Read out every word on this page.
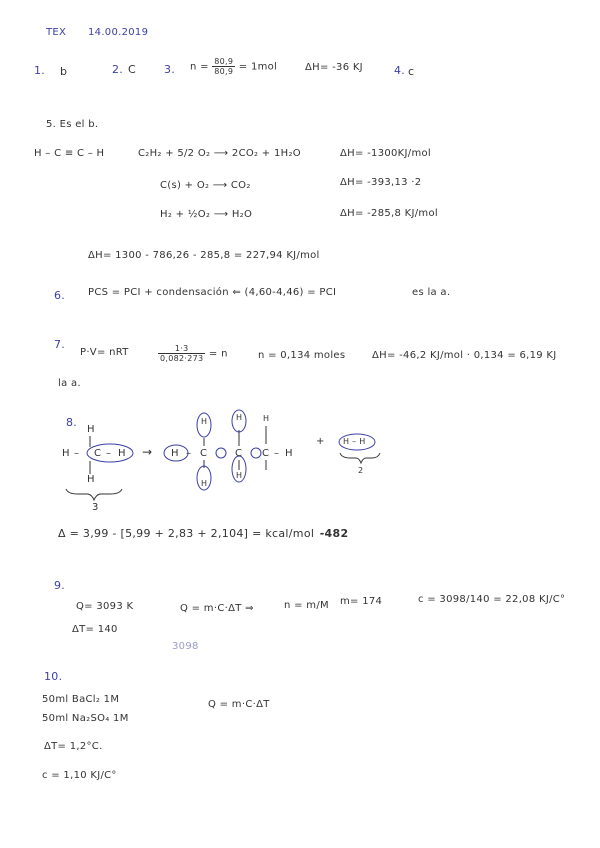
TEX 14.00.2019
1. b	2. C	3. $n = \frac{80,9}{80,9} = 1mol$	ΔH= -36 KJ	4. c
5. Es el b.
H – C ≡ C – H	C₂H₂ + 5/2 O₂ ⟶ 2CO₂ + 1H₂O	ΔH= -1300KJ/mol
C(s) + O₂ ⟶ CO₂	ΔH= -393,13 ·2
H₂ + ½O₂ ⟶ H₂O	ΔH= -285,8 KJ/mol
ΔH= 1300 - 786,26 - 285,8 = 227,94 KJ/mol
6. PCS = PCI + condensación ⇐ (4,60-4,46) = PCI	es la a.
7.
P·V= nRT	$\frac{1\cdot 3}{0,082\cdot 273} = n$	n = 0,134 moles	ΔH= -46,2 KJ/mol · 0,134 = 6,19 KJ
la a.
8.
H
H – C – H
H
3
→ H – C	C C – H
H	H	H
H
H
+ H – H
2
Δ = 3,99 - [5,99 + 2,83 + 2,104] = kcal/mol -482
9.
Q= 3093 K	Q = m·C·ΔT ⇒	n = m/M m= 174	c = 3098/140 = 22,08 KJ/C°
ΔT= 140
3098
10.
50ml BaCl₂ 1M	Q = m·C·ΔT
50ml Na₂SO₄ 1M
ΔT= 1,2°C.
c = 1,10 KJ/C°
